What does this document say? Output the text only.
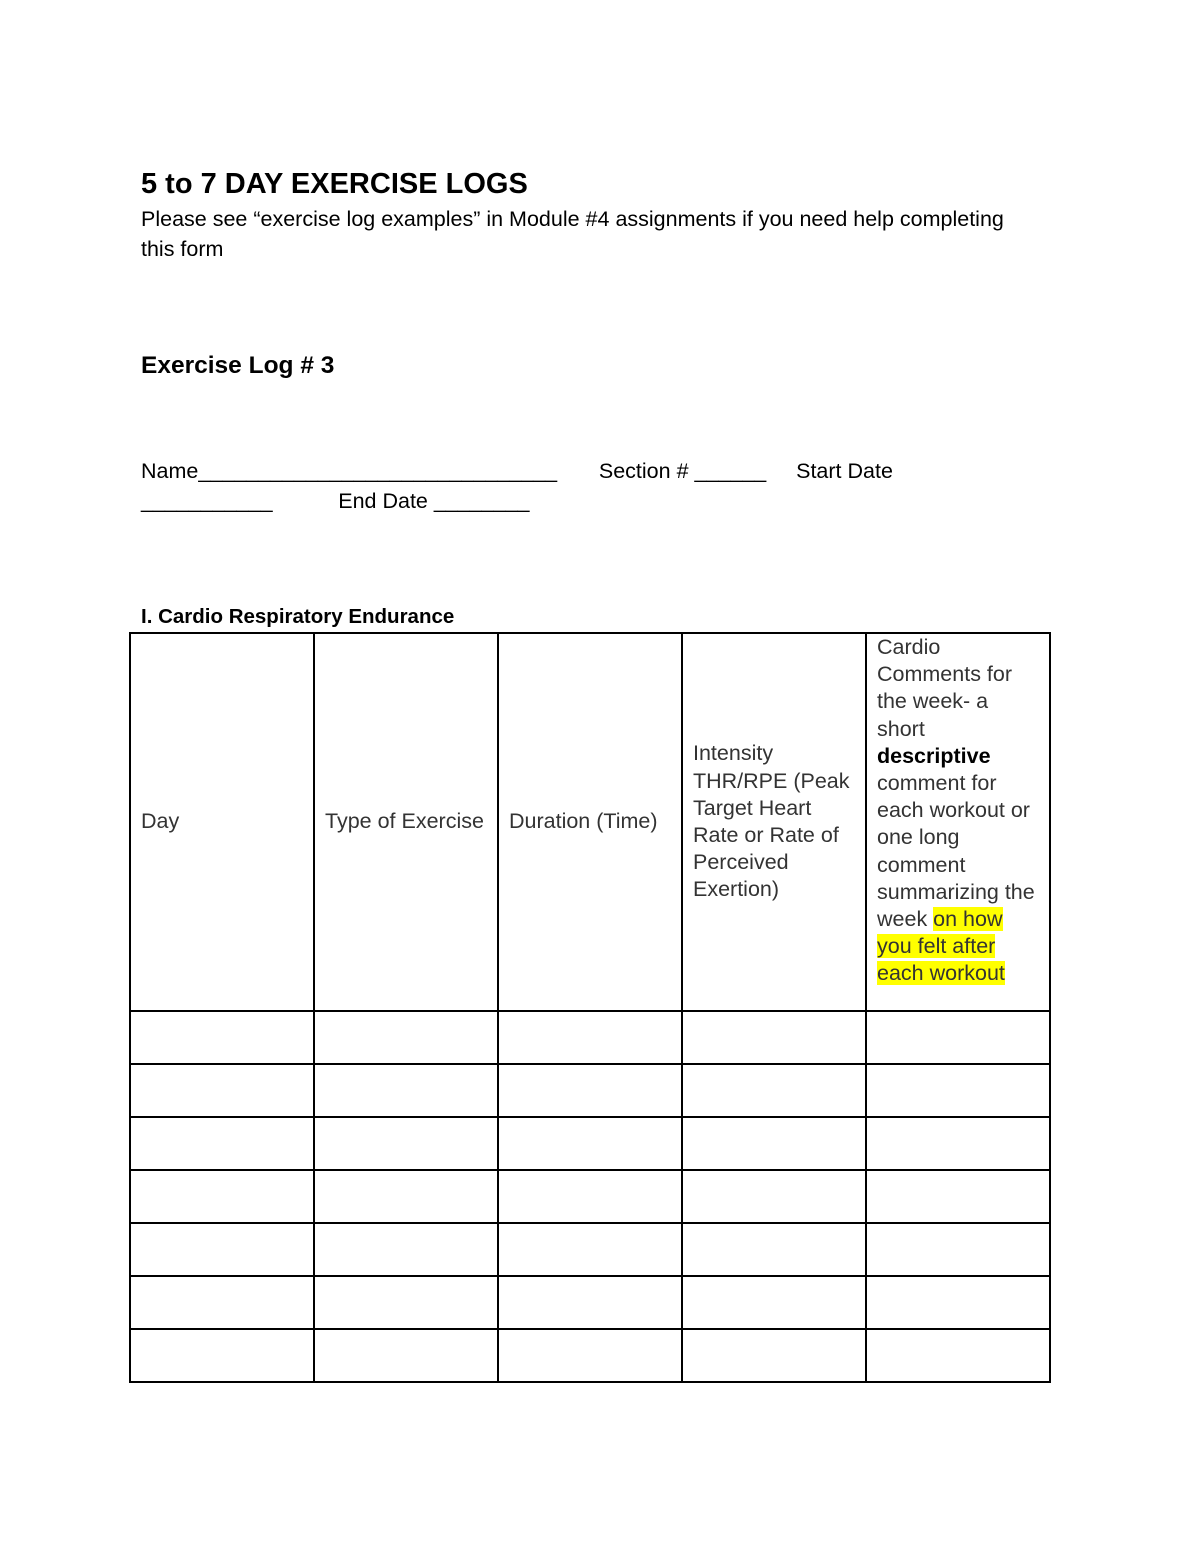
5 to 7 DAY EXERCISE LOGS

Please see “exercise log examples” in Module #4 assignments if you need help completing this form

Exercise Log # 3

Name______________________________       Section # ______     Start Date

___________           End Date ________

I. Cardio Respiratory Endurance
Day	Type of Exercise	Duration (Time)	Intensity THR/RPE (Peak Target Heart Rate or Rate of Perceived Exertion)	Cardio Comments for the week- a short descriptive comment for each workout or one long comment summarizing the week on how you felt after each workout
